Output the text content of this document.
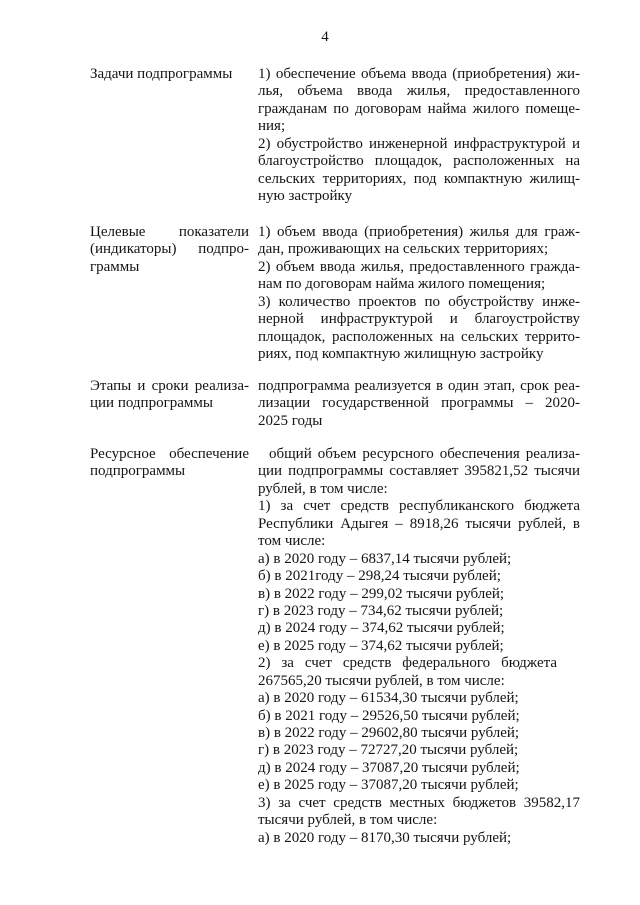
4
Задачи подпрограммы	1) обеспечение объема ввода (приобретения) жи-
лья, объема ввода жилья, предоставленного
гражданам по договорам найма жилого помеще-
ния;
2) обустройство инженерной инфраструктурой и
благоустройство площадок, расположенных на
сельских территориях, под компактную жилищ-
ную застройку
Целевые показатели
(индикаторы) подпро-
граммы
1) объем ввода (приобретения) жилья для граж-
дан, проживающих на сельских территориях;
2) объем ввода жилья, предоставленного гражда-
нам по договорам найма жилого помещения;
3) количество проектов по обустройству инже-
нерной инфраструктурой и благоустройству
площадок, расположенных на сельских террито-
риях, под компактную жилищную застройку
Этапы и сроки реализа-
ции подпрограммы
подпрограмма реализуется в один этап, срок реа-
лизации государственной программы – 2020-
2025 годы
Ресурсное обеспечение
подпрограммы
общий объем ресурсного обеспечения реализа-
ции подпрограммы составляет 395821,52 тысячи
рублей, в том числе:
1) за счет средств республиканского бюджета
Республики Адыгея – 8918,26 тысячи рублей, в
том числе:
а) в 2020 году – 6837,14 тысячи рублей;
б) в 2021году – 298,24 тысячи рублей;
в) в 2022 году – 299,02 тысячи рублей;
г) в 2023 году – 734,62 тысячи рублей;
д) в 2024 году – 374,62 тысячи рублей;
е) в 2025 году – 374,62 тысячи рублей;
2) за счет средств федерального бюджета
267565,20 тысячи рублей, в том числе:
а) в 2020 году – 61534,30 тысячи рублей;
б) в 2021 году – 29526,50 тысячи рублей;
в) в 2022 году – 29602,80 тысячи рублей;
г) в 2023 году – 72727,20 тысячи рублей;
д) в 2024 году – 37087,20 тысячи рублей;
е) в 2025 году – 37087,20 тысячи рублей;
3) за счет средств местных бюджетов 39582,17
тысячи рублей, в том числе:
а) в 2020 году – 8170,30 тысячи рублей;
